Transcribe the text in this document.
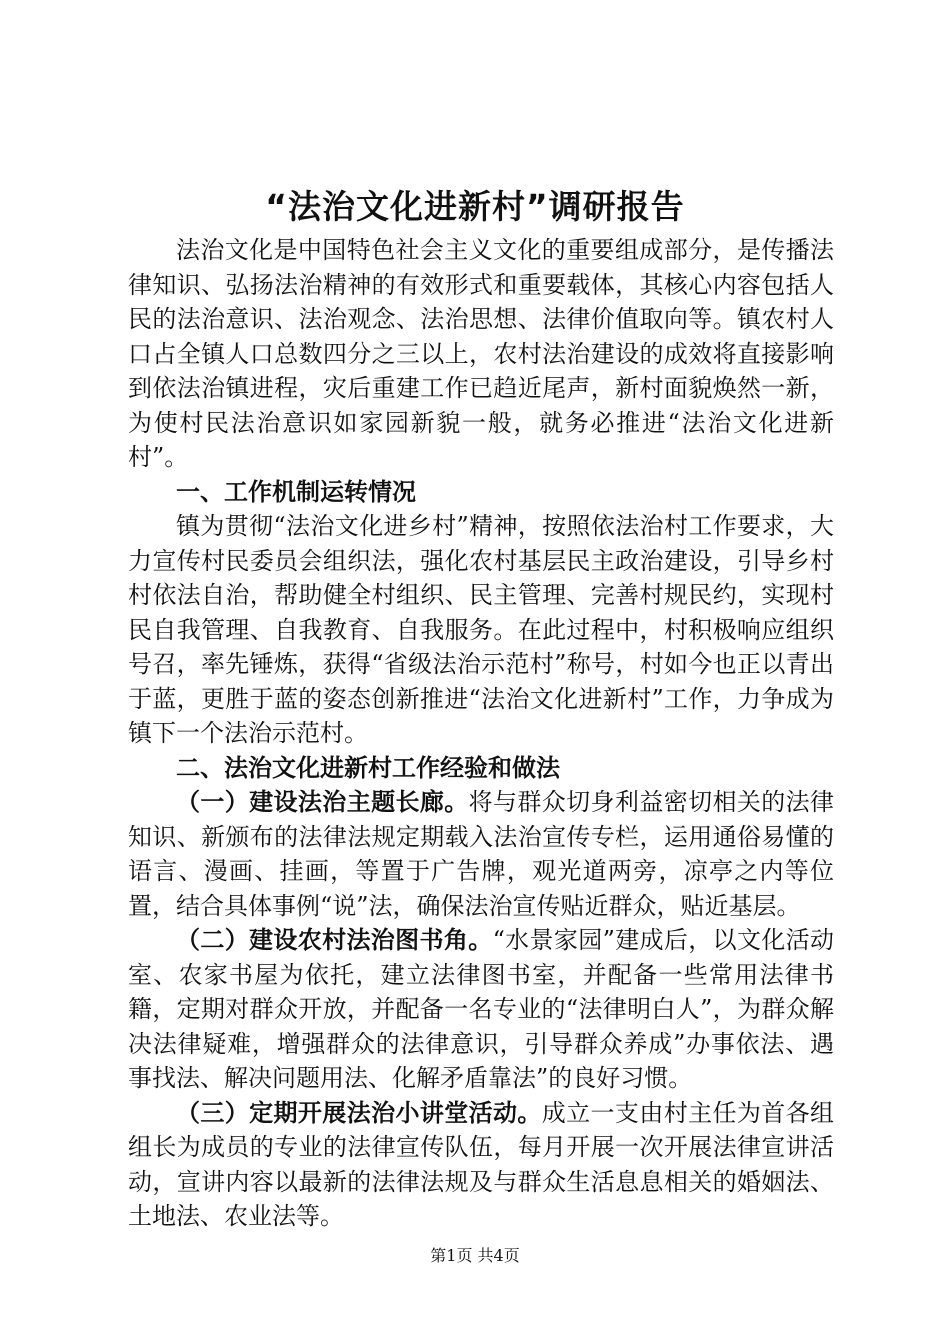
“法治文化进新村”调研报告

法治文化是中国特色社会主义文化的重要组成部分，是传播法律知识、弘扬法治精神的有效形式和重要载体，其核心内容包括人民的法治意识、法治观念、法治思想、法律价值取向等。镇农村人口占全镇人口总数四分之三以上，农村法治建设的成效将直接影响到依法治镇进程，灾后重建工作已趋近尾声，新村面貌焕然一新，为使村民法治意识如家园新貌一般，就务必推进“法治文化进新村”。

一、工作机制运转情况

镇为贯彻“法治文化进乡村”精神，按照依法治村工作要求，大力宣传村民委员会组织法，强化农村基层民主政治建设，引导乡村村依法自治，帮助健全村组织、民主管理、完善村规民约，实现村民自我管理、自我教育、自我服务。在此过程中，村积极响应组织号召，率先锤炼，获得“省级法治示范村”称号，村如今也正以青出于蓝，更胜于蓝的姿态创新推进“法治文化进新村”工作，力争成为镇下一个法治示范村。

二、法治文化进新村工作经验和做法

（一）建设法治主题长廊。将与群众切身利益密切相关的法律知识、新颁布的法律法规定期载入法治宣传专栏，运用通俗易懂的语言、漫画、挂画，等置于广告牌，观光道两旁，凉亭之内等位置，结合具体事例“说”法，确保法治宣传贴近群众，贴近基层。

（二）建设农村法治图书角。“水景家园”建成后，以文化活动室、农家书屋为依托，建立法律图书室，并配备一些常用法律书籍，定期对群众开放，并配备一名专业的“法律明白人”，为群众解决法律疑难，增强群众的法律意识，引导群众养成”办事依法、遇事找法、解决问题用法、化解矛盾靠法”的良好习惯。

（三）定期开展法治小讲堂活动。成立一支由村主任为首各组组长为成员的专业的法律宣传队伍，每月开展一次开展法律宣讲活动，宣讲内容以最新的法律法规及与群众生活息息相关的婚姻法、土地法、农业法等。

第1页 共4页
